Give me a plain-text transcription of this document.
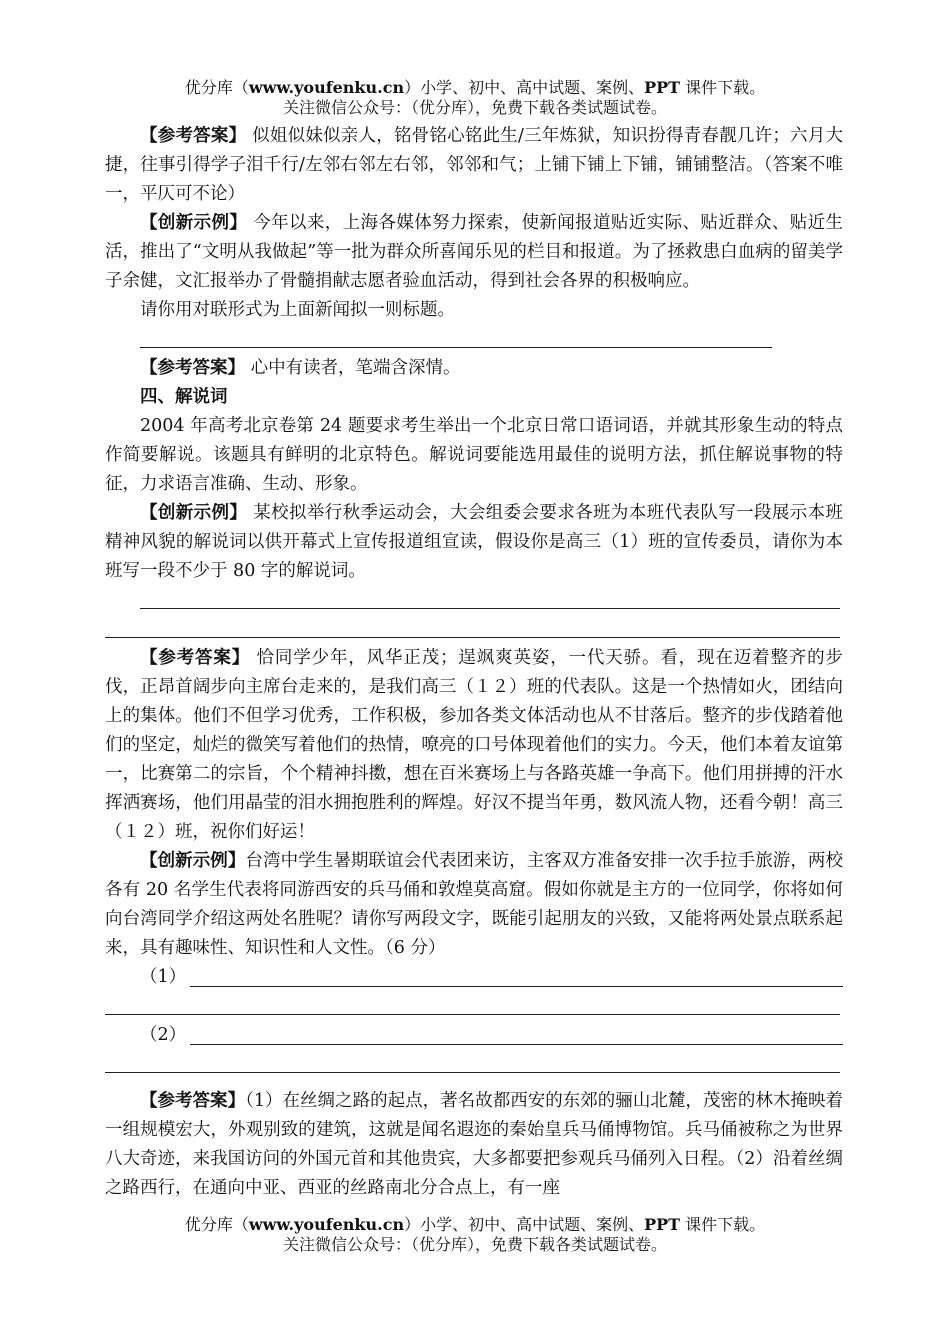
优分库（www.youfenku.cn）小学、初中、高中试题、案例、PPT 课件下载。
关注微信公众号：（优分库），免费下载各类试题试卷。

【参考答案】 似姐似妹似亲人，铭骨铭心铭此生/三年炼狱，知识扮得青春靓几许；六月大捷，往事引得学子泪千行/左邻右邻左右邻，邻邻和气；上铺下铺上下铺，铺铺整洁。（答案不唯一，平仄可不论）

【创新示例】 今年以来，上海各媒体努力探索，使新闻报道贴近实际、贴近群众、贴近生活，推出了“文明从我做起”等一批为群众所喜闻乐见的栏目和报道。为了拯救患白血病的留美学子余健，文汇报举办了骨髓捐献志愿者验血活动，得到社会各界的积极响应。

请你用对联形式为上面新闻拟一则标题。

【参考答案】 心中有读者，笔端含深情。

四、解说词

2004 年高考北京卷第 24 题要求考生举出一个北京日常口语词语，并就其形象生动的特点作简要解说。该题具有鲜明的北京特色。解说词要能选用最佳的说明方法，抓住解说事物的特征，力求语言准确、生动、形象。

【创新示例】 某校拟举行秋季运动会，大会组委会要求各班为本班代表队写一段展示本班精神风貌的解说词以供开幕式上宣传报道组宣读，假设你是高三（1）班的宣传委员，请你为本班写一段不少于 80 字的解说词。

【参考答案】 恰同学少年，风华正茂；逞飒爽英姿，一代天骄。看，现在迈着整齐的步伐，正昂首阔步向主席台走来的，是我们高三（１２）班的代表队。这是一个热情如火，团结向上的集体。他们不但学习优秀，工作积极，参加各类文体活动也从不甘落后。整齐的步伐踏着他们的坚定，灿烂的微笑写着他们的热情，嘹亮的口号体现着他们的实力。今天，他们本着友谊第一，比赛第二的宗旨，个个精神抖擞，想在百米赛场上与各路英雄一争高下。他们用拼搏的汗水挥洒赛场，他们用晶莹的泪水拥抱胜利的辉煌。好汉不提当年勇，数风流人物，还看今朝！高三（１２）班，祝你们好运！

【创新示例】台湾中学生暑期联谊会代表团来访，主客双方准备安排一次手拉手旅游，两校各有 20 名学生代表将同游西安的兵马俑和敦煌莫高窟。假如你就是主方的一位同学，你将如何向台湾同学介绍这两处名胜呢？请你写两段文字，既能引起朋友的兴致，又能将两处景点联系起来，具有趣味性、知识性和人文性。（6 分）

（1）
（2）

【参考答案】（1）在丝绸之路的起点，著名故都西安的东郊的骊山北麓，茂密的林木掩映着一组规模宏大，外观别致的建筑，这就是闻名遐迩的秦始皇兵马俑博物馆。兵马俑被称之为世界八大奇迹，来我国访问的外国元首和其他贵宾，大多都要把参观兵马俑列入日程。（2）沿着丝绸之路西行，在通向中亚、西亚的丝路南北分合点上，有一座

优分库（www.youfenku.cn）小学、初中、高中试题、案例、PPT 课件下载。
关注微信公众号：（优分库），免费下载各类试题试卷。
